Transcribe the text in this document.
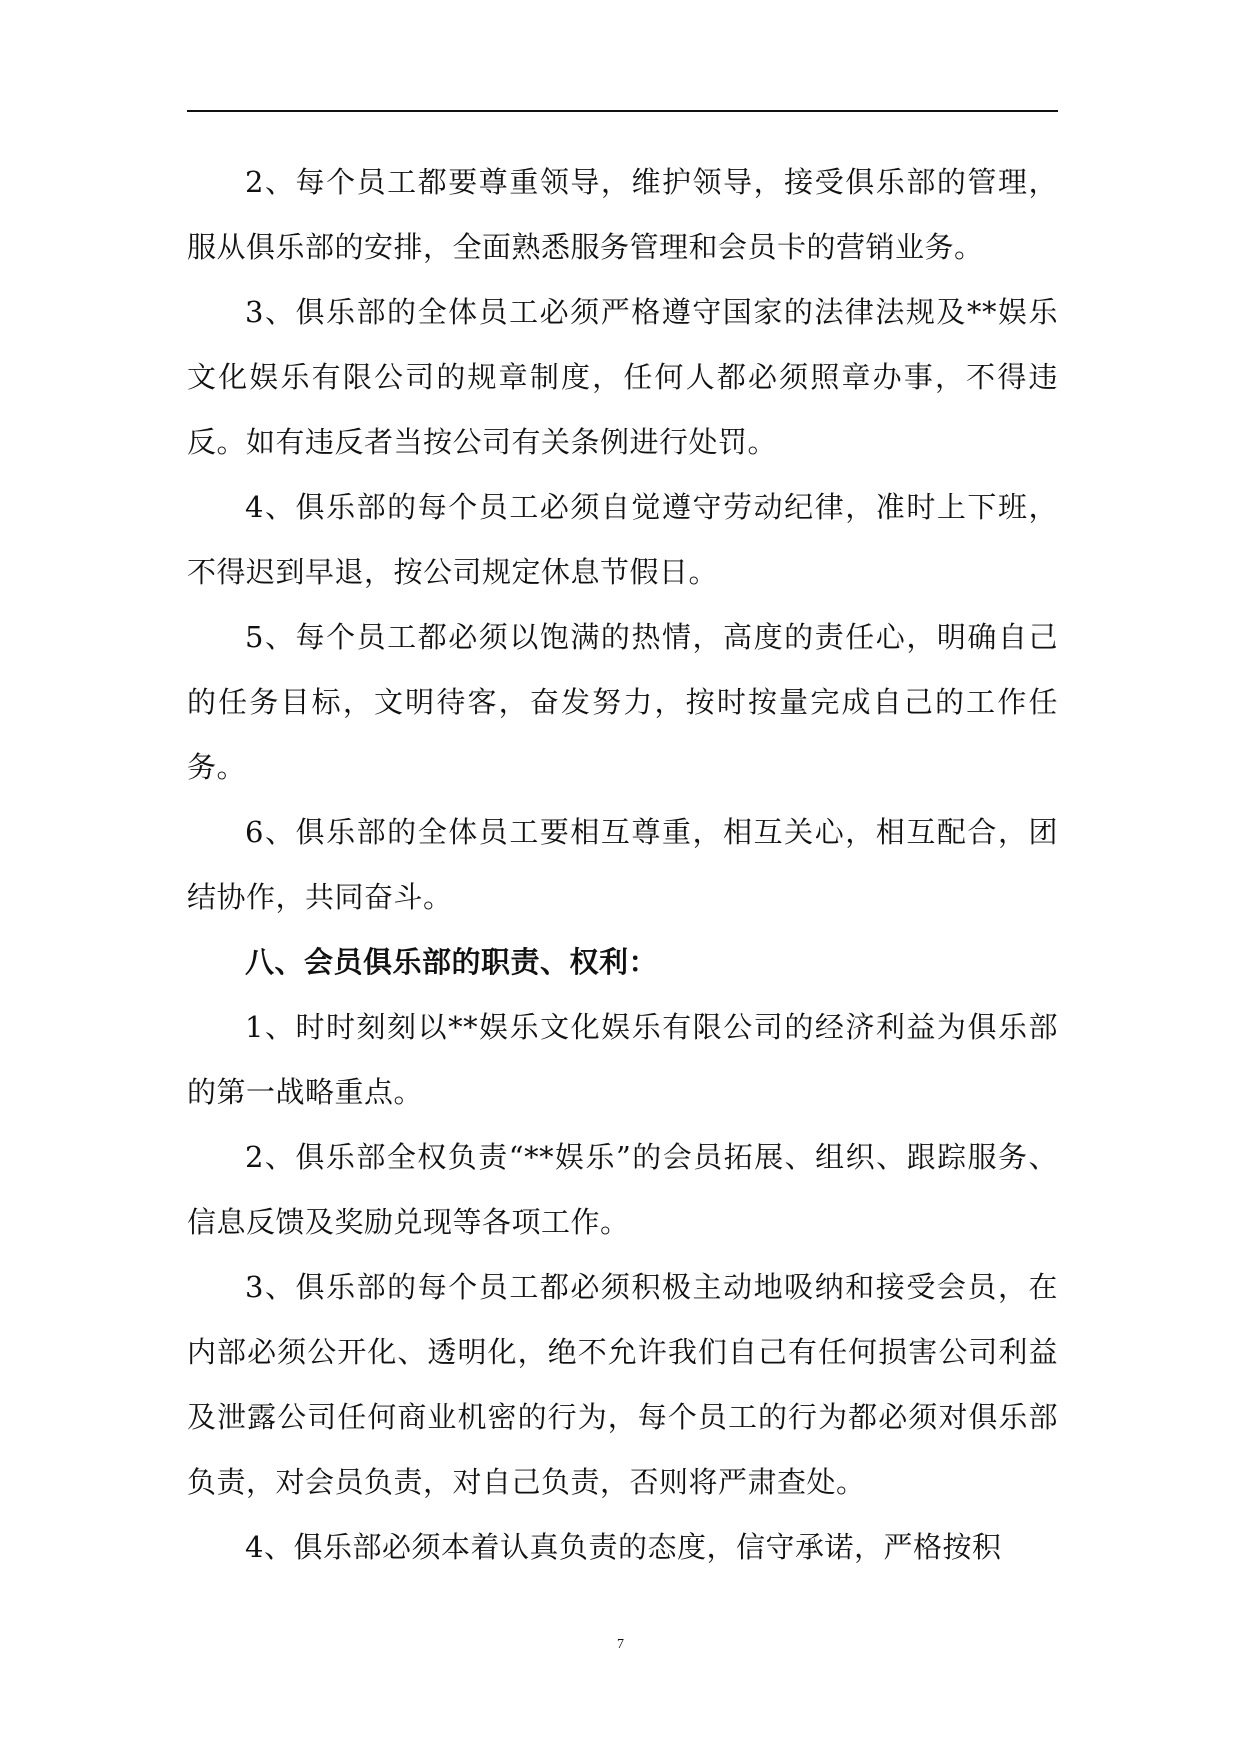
2、每个员工都要尊重领导，维护领导，接受俱乐部的管理，服从俱乐部的安排，全面熟悉服务管理和会员卡的营销业务。

3、俱乐部的全体员工必须严格遵守国家的法律法规及**娱乐文化娱乐有限公司的规章制度，任何人都必须照章办事，不得违反。如有违反者当按公司有关条例进行处罚。

4、俱乐部的每个员工必须自觉遵守劳动纪律，准时上下班，不得迟到早退，按公司规定休息节假日。

5、每个员工都必须以饱满的热情，高度的责任心，明确自己的任务目标，文明待客，奋发努力，按时按量完成自己的工作任务。

6、俱乐部的全体员工要相互尊重，相互关心，相互配合，团结协作，共同奋斗。

八、会员俱乐部的职责、权利：

1、时时刻刻以**娱乐文化娱乐有限公司的经济利益为俱乐部的第一战略重点。

2、俱乐部全权负责“**娱乐”的会员拓展、组织、跟踪服务、信息反馈及奖励兑现等各项工作。

3、俱乐部的每个员工都必须积极主动地吸纳和接受会员，在内部必须公开化、透明化，绝不允许我们自己有任何损害公司利益及泄露公司任何商业机密的行为，每个员工的行为都必须对俱乐部负责，对会员负责，对自己负责，否则将严肃查处。

4、俱乐部必须本着认真负责的态度，信守承诺，严格按积

7
